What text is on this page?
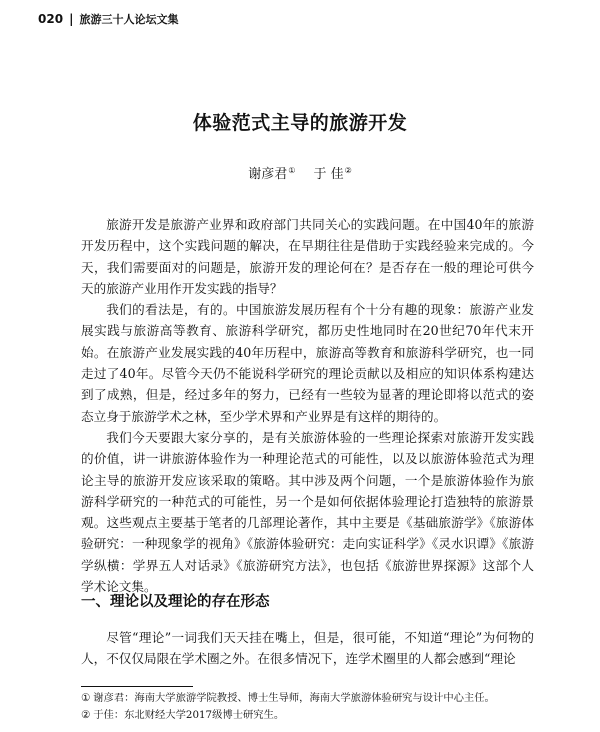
020 | 旅游三十人论坛文集
体验范式主导的旅游开发
谢彦君① 于 佳②

旅游开发是旅游产业界和政府部门共同关心的实践问题。在中国40年的旅游开发历程中，这个实践问题的解决，在早期往往是借助于实践经验来完成的。今天，我们需要面对的问题是，旅游开发的理论何在？是否存在一般的理论可供今天的旅游产业用作开发实践的指导？

我们的看法是，有的。中国旅游发展历程有个十分有趣的现象：旅游产业发展实践与旅游高等教育、旅游科学研究，都历史性地同时在20世纪70年代末开始。在旅游产业发展实践的40年历程中，旅游高等教育和旅游科学研究，也一同走过了40年。尽管今天仍不能说科学研究的理论贡献以及相应的知识体系构建达到了成熟，但是，经过多年的努力，已经有一些较为显著的理论即将以范式的姿态立身于旅游学术之林，至少学术界和产业界是有这样的期待的。

我们今天要跟大家分享的，是有关旅游体验的一些理论探索对旅游开发实践的价值，讲一讲旅游体验作为一种理论范式的可能性，以及以旅游体验范式为理论主导的旅游开发应该采取的策略。其中涉及两个问题，一个是旅游体验作为旅游科学研究的一种范式的可能性，另一个是如何依据体验理论打造独特的旅游景观。这些观点主要基于笔者的几部理论著作，其中主要是《基础旅游学》《旅游体验研究：一种现象学的视角》《旅游体验研究：走向实证科学》《灵水识谭》《旅游学纵横：学界五人对话录》《旅游研究方法》，也包括《旅游世界探源》这部个人学术论文集。

一、理论以及理论的存在形态

尽管“理论”一词我们天天挂在嘴上，但是，很可能，不知道“理论”为何物的人，不仅仅局限在学术圈之外。在很多情况下，连学术圈里的人都会感到“理论

① 谢彦君：海南大学旅游学院教授、博士生导师，海南大学旅游体验研究与设计中心主任。
② 于佳：东北财经大学2017级博士研究生。
